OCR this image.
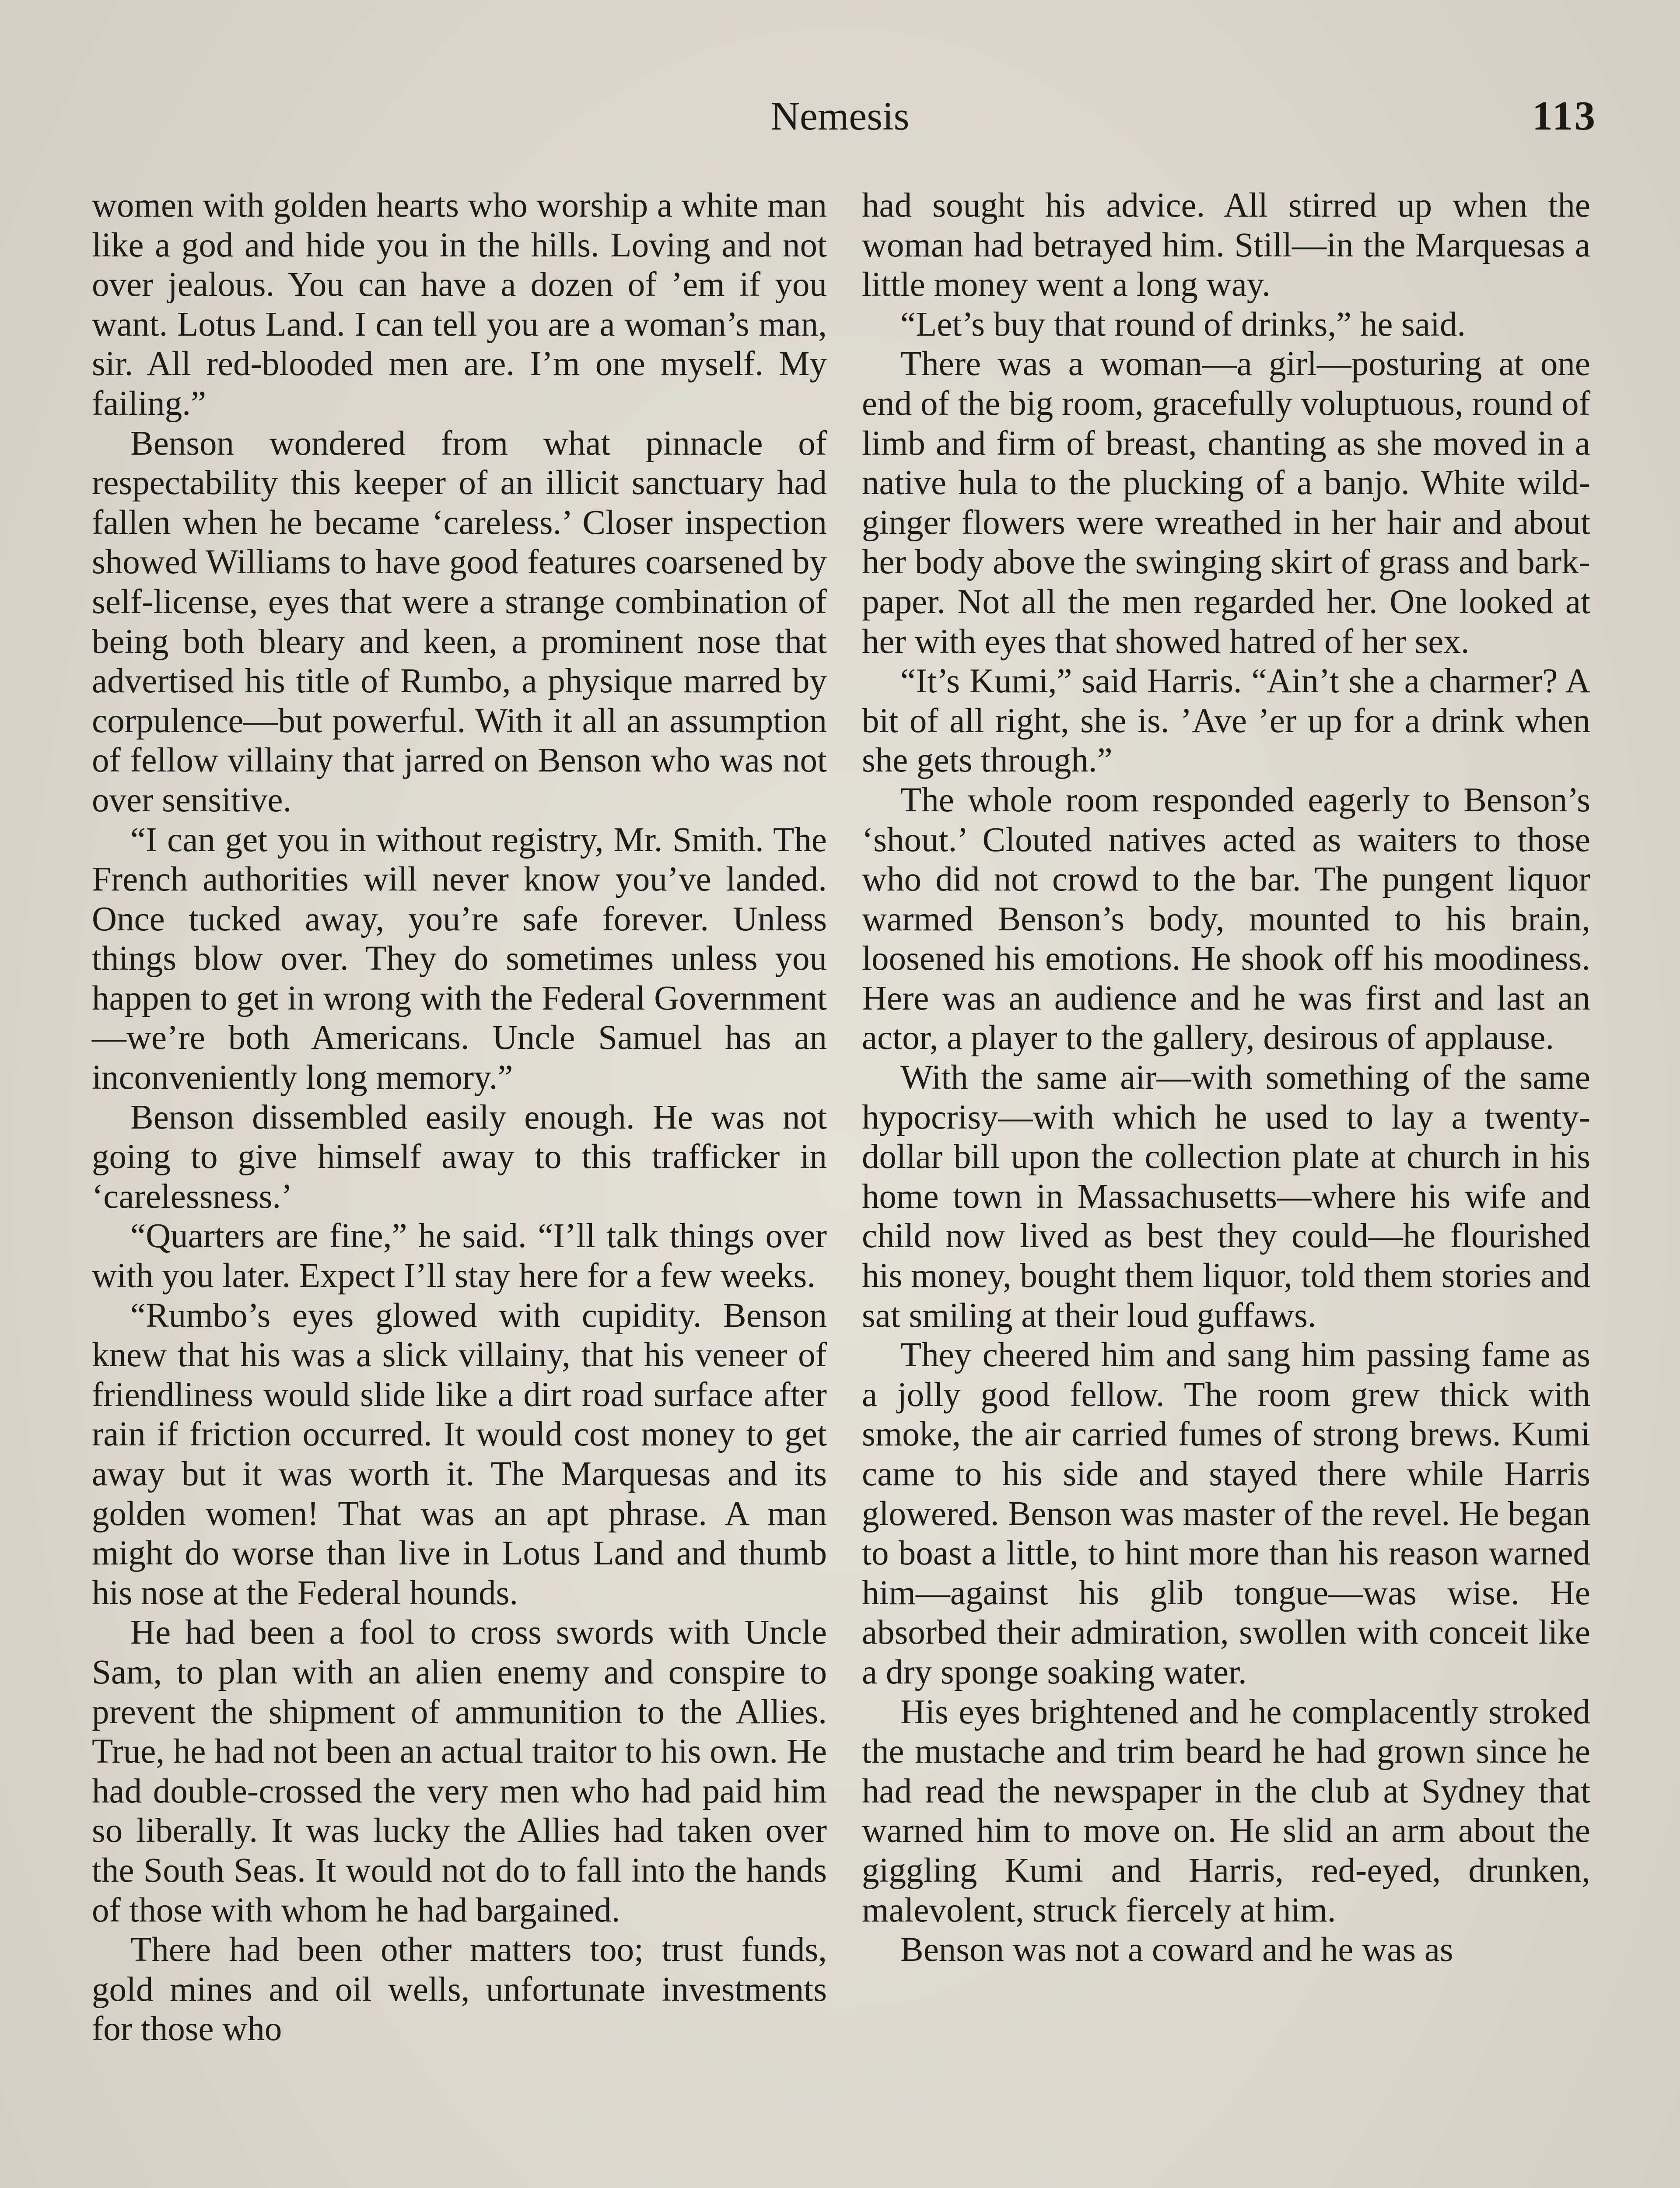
Nemesis	113

women with golden hearts who worship a white man like a god and hide you in the hills. Loving and not over jealous. You can have a dozen of ’em if you want. Lotus Land. I can tell you are a woman’s man, sir. All red-blooded men are. I’m one myself. My failing.”

Benson wondered from what pinnacle of respectability this keeper of an illicit sanctuary had fallen when he became ‘careless.’ Closer inspection showed Williams to have good features coarsened by self-license, eyes that were a strange combination of being both bleary and keen, a prominent nose that advertised his title of Rumbo, a physique marred by corpulence—but powerful. With it all an assumption of fellow villainy that jarred on Benson who was not over sensitive.

“I can get you in without registry, Mr. Smith. The French authorities will never know you’ve landed. Once tucked away, you’re safe forever. Unless things blow over. They do sometimes unless you happen to get in wrong with the Federal Government—we’re both Americans. Uncle Samuel has an inconveniently long memory.”

Benson dissembled easily enough. He was not going to give himself away to this trafficker in ‘carelessness.’

“Quarters are fine,” he said. “I’ll talk things over with you later. Expect I’ll stay here for a few weeks.

“Rumbo’s eyes glowed with cupidity. Benson knew that his was a slick villainy, that his veneer of friendliness would slide like a dirt road surface after rain if friction occurred. It would cost money to get away but it was worth it. The Marquesas and its golden women! That was an apt phrase. A man might do worse than live in Lotus Land and thumb his nose at the Federal hounds.

He had been a fool to cross swords with Uncle Sam, to plan with an alien enemy and conspire to prevent the shipment of ammunition to the Allies. True, he had not been an actual traitor to his own. He had double-crossed the very men who had paid him so liberally. It was lucky the Allies had taken over the South Seas. It would not do to fall into the hands of those with whom he had bargained.

There had been other matters too; trust funds, gold mines and oil wells, unfortunate investments for those who

had sought his advice. All stirred up when the woman had betrayed him. Still—in the Marquesas a little money went a long way.

“Let’s buy that round of drinks,” he said.

There was a woman—a girl—posturing at one end of the big room, gracefully voluptuous, round of limb and firm of breast, chanting as she moved in a native hula to the plucking of a banjo. White wild-ginger flowers were wreathed in her hair and about her body above the swinging skirt of grass and bark-paper. Not all the men regarded her. One looked at her with eyes that showed hatred of her sex.

“It’s Kumi,” said Harris. “Ain’t she a charmer? A bit of all right, she is. ’Ave ’er up for a drink when she gets through.”

The whole room responded eagerly to Benson’s ‘shout.’ Clouted natives acted as waiters to those who did not crowd to the bar. The pungent liquor warmed Benson’s body, mounted to his brain, loosened his emotions. He shook off his moodiness. Here was an audience and he was first and last an actor, a player to the gallery, desirous of applause.

With the same air—with something of the same hypocrisy—with which he used to lay a twenty-dollar bill upon the collection plate at church in his home town in Massachusetts—where his wife and child now lived as best they could—he flourished his money, bought them liquor, told them stories and sat smiling at their loud guffaws.

They cheered him and sang him passing fame as a jolly good fellow. The room grew thick with smoke, the air carried fumes of strong brews. Kumi came to his side and stayed there while Harris glowered. Benson was master of the revel. He began to boast a little, to hint more than his reason warned him—against his glib tongue—was wise. He absorbed their admiration, swollen with conceit like a dry sponge soaking water.

His eyes brightened and he complacently stroked the mustache and trim beard he had grown since he had read the newspaper in the club at Sydney that warned him to move on. He slid an arm about the giggling Kumi and Harris, red-eyed, drunken, malevolent, struck fiercely at him.

Benson was not a coward and he was as
